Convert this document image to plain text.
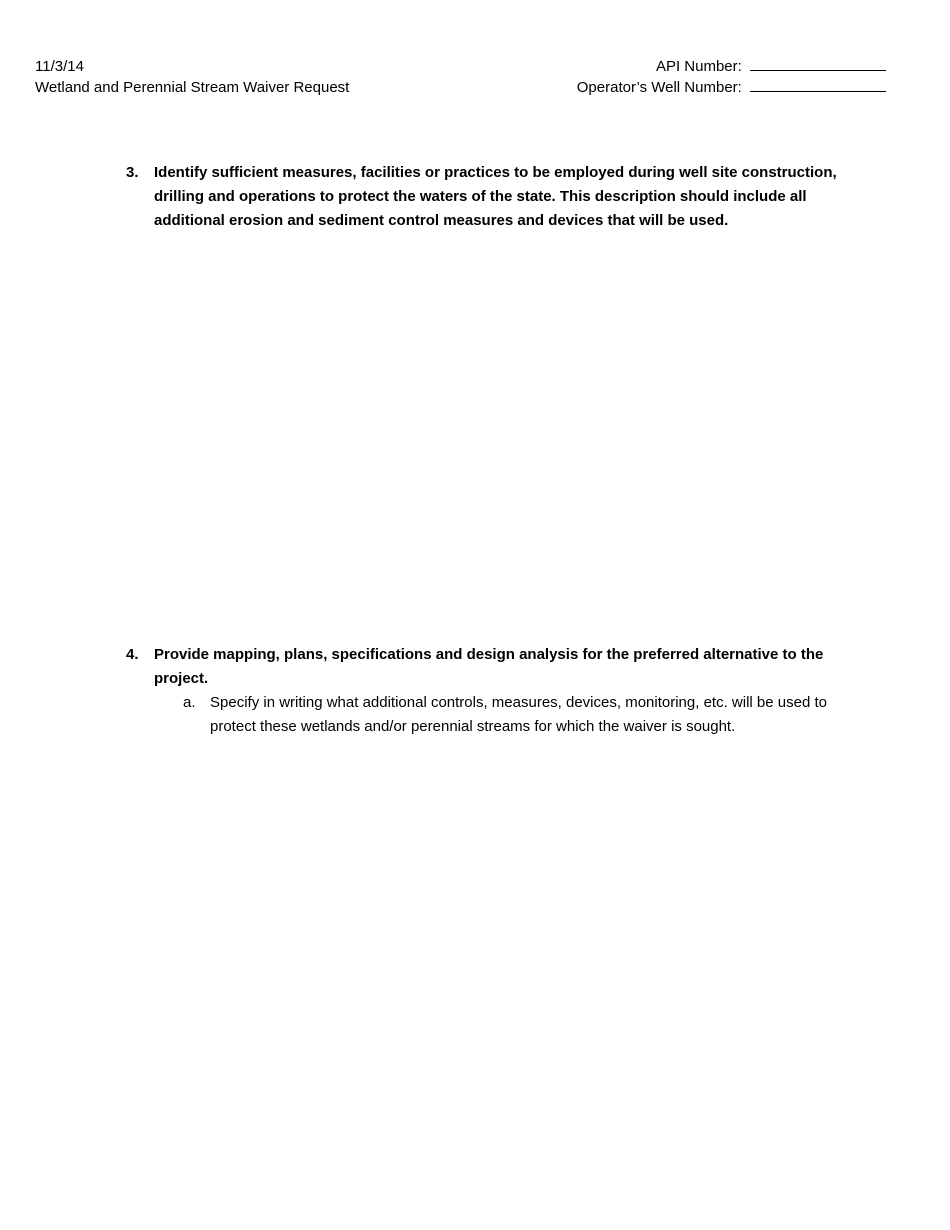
11/3/14
Wetland and Perennial Stream Waiver Request
API Number:
Operator’s Well Number:
3.	Identify sufficient measures, facilities or practices to be employed during well site construction, drilling and operations to protect the waters of the state. This description should include all additional erosion and sediment control measures and devices that will be used.
4.	Provide mapping, plans, specifications and design analysis for the preferred alternative to the project.
a. Specify in writing what additional controls, measures, devices, monitoring, etc. will be used to protect these wetlands and/or perennial streams for which the waiver is sought.
